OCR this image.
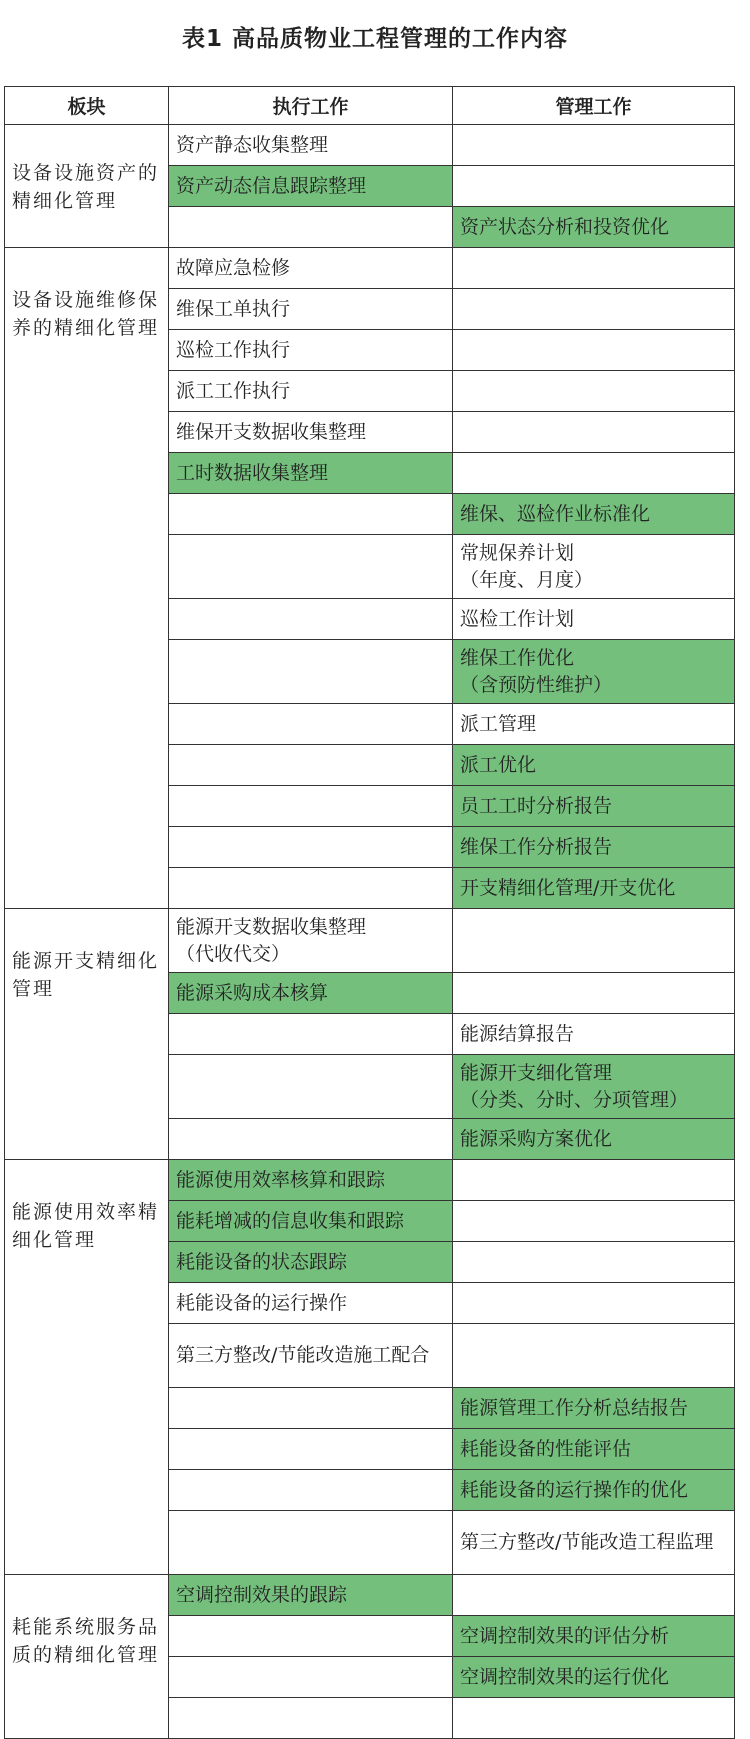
表1 高品质物业工程管理的工作内容
板块	执行工作	管理工作
设备设施资产的精细化管理	资产静态收集整理	
	资产动态信息跟踪整理	
		资产状态分析和投资优化
设备设施维修保养的精细化管理	故障应急检修	
	维保工单执行	
	巡检工作执行	
	派工工作执行	
	维保开支数据收集整理	
	工时数据收集整理	
		维保、巡检作业标准化
		常规保养计划
（年度、月度）
		巡检工作计划
		维保工作优化
（含预防性维护）
		派工管理
		派工优化
		员工工时分析报告
		维保工作分析报告
		开支精细化管理/开支优化
能源开支精细化管理	能源开支数据收集整理
（代收代交）	
	能源采购成本核算	
		能源结算报告
		能源开支细化管理
（分类、分时、分项管理）
		能源采购方案优化
能源使用效率精细化管理	能源使用效率核算和跟踪	
	能耗增减的信息收集和跟踪	
	耗能设备的状态跟踪	
	耗能设备的运行操作	
	第三方整改/节能改造施工配合	
		能源管理工作分析总结报告
		耗能设备的性能评估
		耗能设备的运行操作的优化
		第三方整改/节能改造工程监理
耗能系统服务品质的精细化管理	空调控制效果的跟踪	
		空调控制效果的评估分析
		空调控制效果的运行优化
